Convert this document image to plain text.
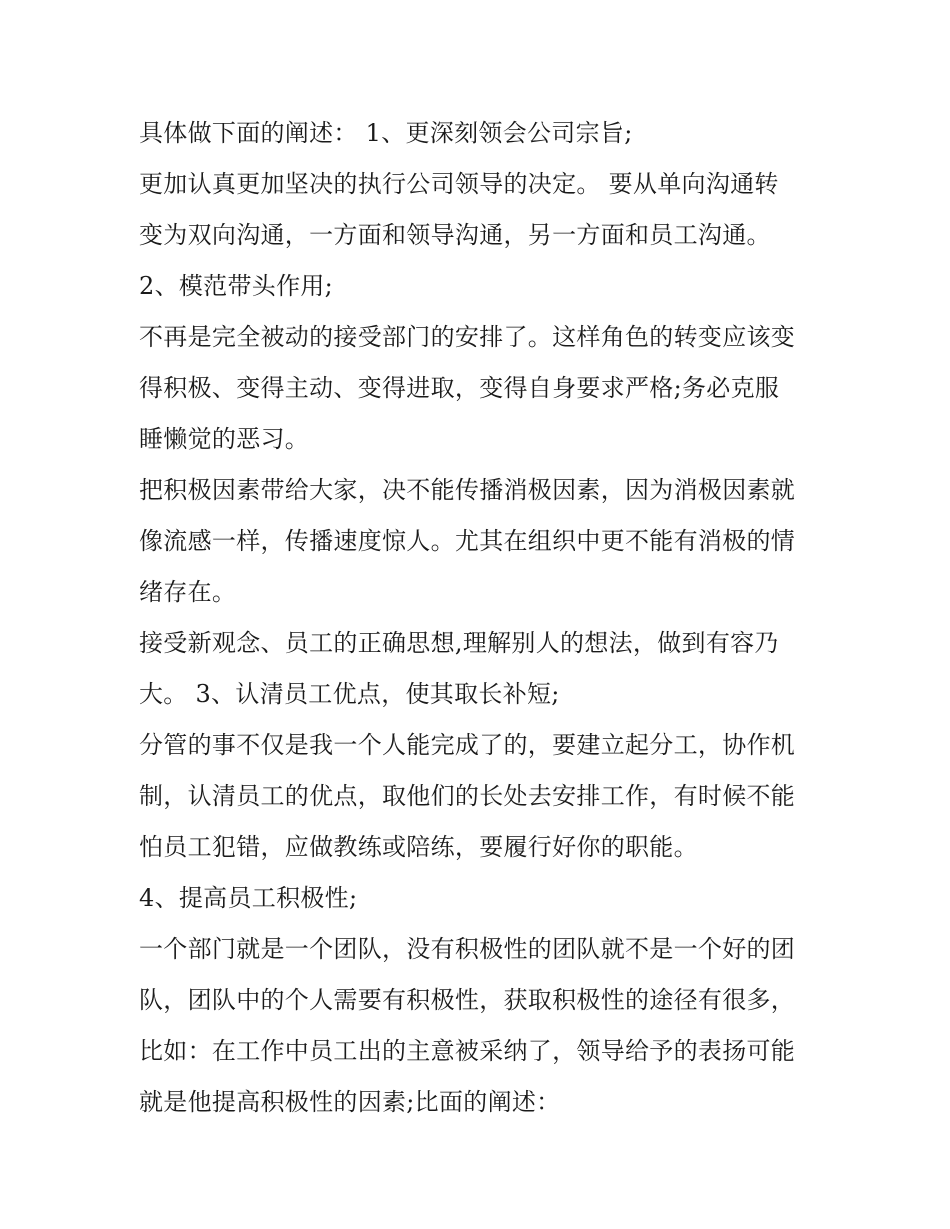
具体做下面的阐述： 1、更深刻领会公司宗旨;
更加认真更加坚决的执行公司领导的决定。 要从单向沟通转
变为双向沟通，一方面和领导沟通，另一方面和员工沟通。
2、模范带头作用;
不再是完全被动的接受部门的安排了。这样角色的转变应该变
得积极、变得主动、变得进取，变得自身要求严格;务必克服
睡懒觉的恶习。
把积极因素带给大家，决不能传播消极因素，因为消极因素就
像流感一样，传播速度惊人。尤其在组织中更不能有消极的情
绪存在。
接受新观念、员工的正确思想,理解别人的想法，做到有容乃
大。 3、认清员工优点，使其取长补短;
分管的事不仅是我一个人能完成了的，要建立起分工，协作机
制，认清员工的优点，取他们的长处去安排工作，有时候不能
怕员工犯错，应做教练或陪练，要履行好你的职能。
4、提高员工积极性;
一个部门就是一个团队，没有积极性的团队就不是一个好的团
队，团队中的个人需要有积极性，获取积极性的途径有很多，
比如：在工作中员工出的主意被采纳了，领导给予的表扬可能
就是他提高积极性的因素;比面的阐述：
